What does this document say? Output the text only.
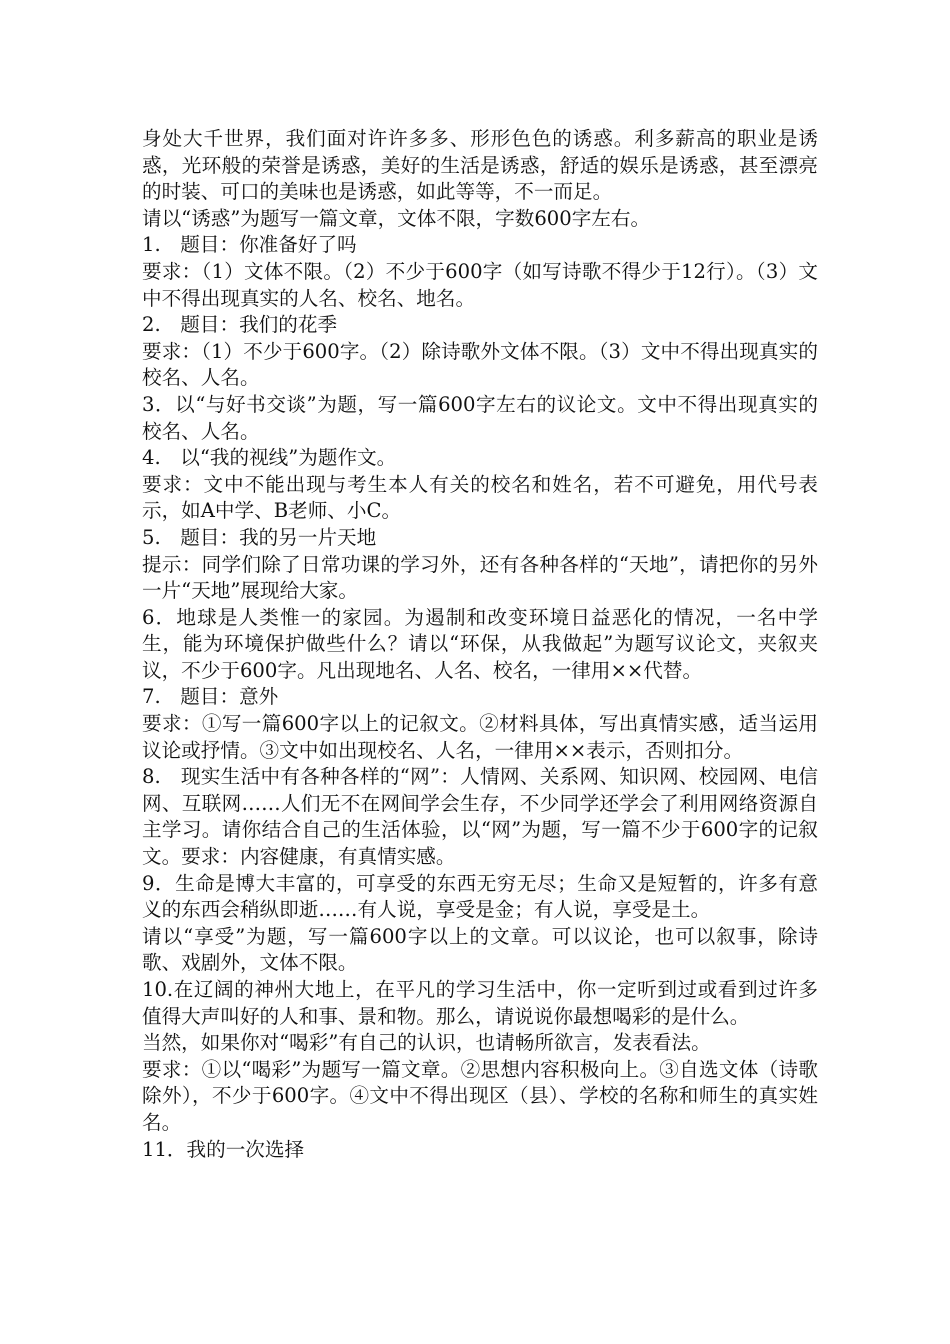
身处大千世界，我们面对许许多多、形形色色的诱惑。利多薪高的职业是诱惑，光环般的荣誉是诱惑，美好的生活是诱惑，舒适的娱乐是诱惑，甚至漂亮的时装、可口的美味也是诱惑，如此等等，不一而足。

请以“诱惑”为题写一篇文章，文体不限，字数600字左右。

1.　题目：你准备好了吗

要求：（1）文体不限。（2）不少于600字（如写诗歌不得少于12行）。（3）文中不得出现真实的人名、校名、地名。

2.　题目：我们的花季

要求：（1）不少于600字。（2）除诗歌外文体不限。（3）文中不得出现真实的校名、人名。

3．以“与好书交谈”为题，写一篇600字左右的议论文。文中不得出现真实的校名、人名。

4.　以“我的视线”为题作文。

要求：文中不能出现与考生本人有关的校名和姓名，若不可避免，用代号表示，如A中学、B老师、小C。

5.　题目：我的另一片天地

提示：同学们除了日常功课的学习外，还有各种各样的“天地”，请把你的另外一片“天地”展现给大家。

6．地球是人类惟一的家园。为遏制和改变环境日益恶化的情况，一名中学生，能为环境保护做些什么？请以“环保，从我做起”为题写议论文，夹叙夹议，不少于600字。凡出现地名、人名、校名，一律用××代替。

7.　题目：意外

要求：①写一篇600字以上的记叙文。②材料具体，写出真情实感，适当运用议论或抒情。③文中如出现校名、人名，一律用××表示，否则扣分。

8.　现实生活中有各种各样的“网”：人情网、关系网、知识网、校园网、电信网、互联网……人们无不在网间学会生存，不少同学还学会了利用网络资源自主学习。请你结合自己的生活体验，以“网”为题，写一篇不少于600字的记叙文。要求：内容健康，有真情实感。

9．生命是博大丰富的，可享受的东西无穷无尽；生命又是短暂的，许多有意义的东西会稍纵即逝……有人说，享受是金；有人说，享受是土。

请以“享受”为题，写一篇600字以上的文章。可以议论，也可以叙事，除诗歌、戏剧外，文体不限。

10.在辽阔的神州大地上，在平凡的学习生活中，你一定听到过或看到过许多值得大声叫好的人和事、景和物。那么，请说说你最想喝彩的是什么。

当然，如果你对“喝彩”有自己的认识，也请畅所欲言，发表看法。

要求：①以“喝彩”为题写一篇文章。②思想内容积极向上。③自选文体（诗歌除外），不少于600字。④文中不得出现区（县）、学校的名称和师生的真实姓名。

11．我的一次选择
